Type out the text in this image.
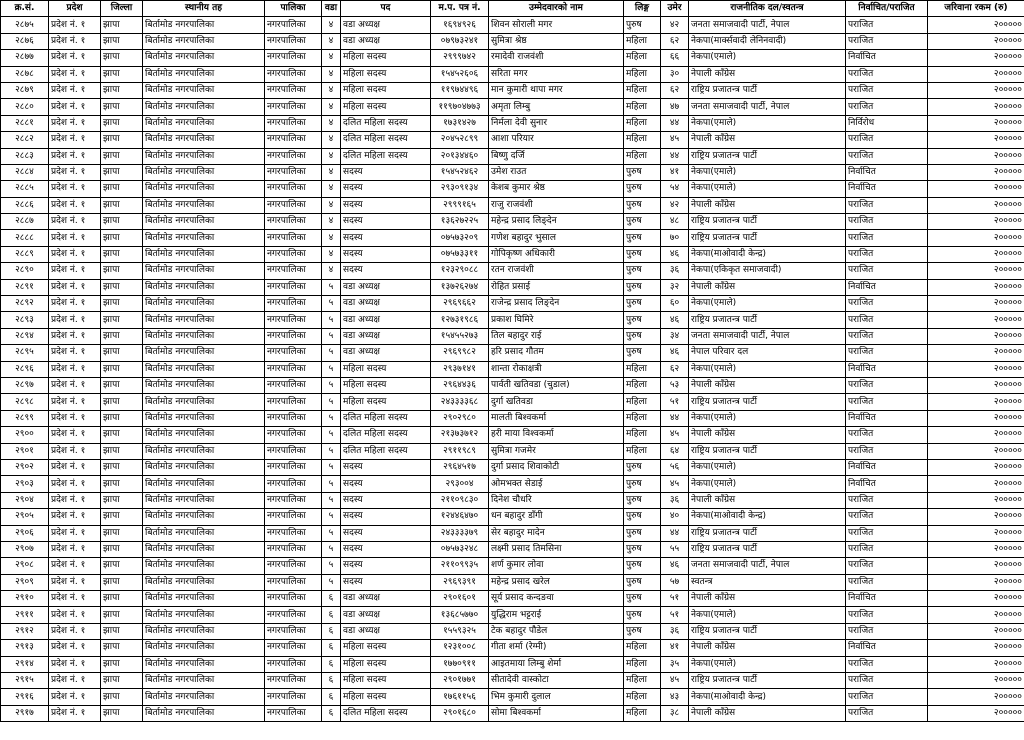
क्र.सं.	प्रदेश	जिल्ला	स्थानीय तह	पालिका	वडा	पद	म.प. पत्र नं.	उम्मेदवारको नाम	लिङ्ग	उमेर	राजनीतिक दल/स्वतन्त्र	निर्वाचित/पराजित	जरिवाना रकम (रु)
२८७५	प्रदेश नं. १	झापा	बिर्तामोड नगरपालिका	नगरपालिका	४	वडा अध्यक्ष	१६९४९२६	शिवन सोराली मगर	पुरुष	४२	जनता समाजवादी पार्टी, नेपाल	पराजित	२०००००
२८७६	प्रदेश नं. १	झापा	बिर्तामोड नगरपालिका	नगरपालिका	४	वडा अध्यक्ष	०७९७३२४१	सुमित्रा श्रेष्ठ	महिला	६२	नेकपा(मार्क्सवादी लेनिनवादी)	पराजित	२०००००
२८७७	प्रदेश नं. १	झापा	बिर्तामोड नगरपालिका	नगरपालिका	४	महिला सदस्य	२९९९७४२	रमादेवी राजवंशी	महिला	६६	नेकपा(एमाले)	निर्वाचित	२०००००
२८७८	प्रदेश नं. १	झापा	बिर्तामोड नगरपालिका	नगरपालिका	४	महिला सदस्य	१५४५२६०६	सरिता मगर	महिला	३०	नेपाली काँग्रेस	पराजित	२०००००
२८७९	प्रदेश नं. १	झापा	बिर्तामोड नगरपालिका	नगरपालिका	४	महिला सदस्य	११९७४४९६	मान कुमारी थापा मगर	महिला	६२	राष्ट्रिय प्रजातन्त्र पार्टी	पराजित	२०००००
२८८०	प्रदेश नं. १	झापा	बिर्तामोड नगरपालिका	नगरपालिका	४	महिला सदस्य	११९७०४७७३	अमृता लिम्बु	महिला	४७	जनता समाजवादी पार्टी, नेपाल	पराजित	२०००००
२८८१	प्रदेश नं. १	झापा	बिर्तामोड नगरपालिका	नगरपालिका	४	दलित महिला सदस्य	१७३१४२७	निर्मला देवी सुनार	महिला	४४	नेकपा(एमाले)	निर्विरोध	२०००००
२८८२	प्रदेश नं. १	झापा	बिर्तामोड नगरपालिका	नगरपालिका	४	दलित महिला सदस्य	२०४५२८९९	आशा परियार	महिला	४५	नेपाली काँग्रेस	पराजित	२०००००
२८८३	प्रदेश नं. १	झापा	बिर्तामोड नगरपालिका	नगरपालिका	४	दलित महिला सदस्य	२०१३४४६०	बिष्णु दर्जि	महिला	४४	राष्ट्रिय प्रजातन्त्र पार्टी	पराजित	२०००००
२८८४	प्रदेश नं. १	झापा	बिर्तामोड नगरपालिका	नगरपालिका	४	सदस्य	१५४५२४६२	उमेश राउत	पुरुष	४१	नेकपा(एमाले)	निर्वाचित	२०००००
२८८५	प्रदेश नं. १	झापा	बिर्तामोड नगरपालिका	नगरपालिका	४	सदस्य	२९३०९१३४	केशब कुमार श्रेष्ठ	पुरुष	५४	नेकपा(एमाले)	निर्वाचित	२०००००
२८८६	प्रदेश नं. १	झापा	बिर्तामोड नगरपालिका	नगरपालिका	४	सदस्य	२९९९१६५	राजु राजवंशी	पुरुष	४२	नेपाली काँग्रेस	पराजित	२०००००
२८८७	प्रदेश नं. १	झापा	बिर्तामोड नगरपालिका	नगरपालिका	४	सदस्य	१३६२७२२५	महेन्द्र प्रसाद लिङ्देन	पुरुष	४८	राष्ट्रिय प्रजातन्त्र पार्टी	पराजित	२०००००
२८८८	प्रदेश नं. १	झापा	बिर्तामोड नगरपालिका	नगरपालिका	४	सदस्य	०७५७३२०९	गणेश बहादुर भुसाल	पुरुष	७०	राष्ट्रिय प्रजातन्त्र पार्टी	पराजित	२०००००
२८८९	प्रदेश नं. १	झापा	बिर्तामोड नगरपालिका	नगरपालिका	४	सदस्य	०७५७३३११	गोपिकृष्ण अधिकारी	पुरुष	४६	नेकपा(माओवादी केन्द्र)	पराजित	२०००००
२८९०	प्रदेश नं. १	झापा	बिर्तामोड नगरपालिका	नगरपालिका	४	सदस्य	१२३२९०८८	रतन राजवंशी	पुरुष	३६	नेकपा(एकिकृत समाजवादी)	पराजित	२०००००
२८९१	प्रदेश नं. १	झापा	बिर्तामोड नगरपालिका	नगरपालिका	५	वडा अध्यक्ष	१३७२६२७४	रोहित प्रसाई	पुरुष	३२	नेपाली काँग्रेस	निर्वाचित	२०००००
२८९२	प्रदेश नं. १	झापा	बिर्तामोड नगरपालिका	नगरपालिका	५	वडा अध्यक्ष	२९६९६६२	राजेन्द्र प्रसाद लिङ्देन	पुरुष	६०	नेकपा(एमाले)	पराजित	२०००००
२८९३	प्रदेश नं. १	झापा	बिर्तामोड नगरपालिका	नगरपालिका	५	वडा अध्यक्ष	१२७३१९८६	प्रकाश घिमिरे	पुरुष	४६	राष्ट्रिय प्रजातन्त्र पार्टी	पराजित	२०००००
२८९४	प्रदेश नं. १	झापा	बिर्तामोड नगरपालिका	नगरपालिका	५	वडा अध्यक्ष	१५४५५२७३	तिल बहादुर राई	पुरुष	३४	जनता समाजवादी पार्टी, नेपाल	पराजित	२०००००
२८९५	प्रदेश नं. १	झापा	बिर्तामोड नगरपालिका	नगरपालिका	५	वडा अध्यक्ष	२९६९९८२	हरि प्रसाद गौतम	पुरुष	४६	नेपाल परिवार दल	पराजित	२०००००
२८९६	प्रदेश नं. १	झापा	बिर्तामोड नगरपालिका	नगरपालिका	५	महिला सदस्य	२९३७१४१	शान्ता रोकाक्षत्री	महिला	६२	नेकपा(एमाले)	निर्वाचित	२०००००
२८९७	प्रदेश नं. १	झापा	बिर्तामोड नगरपालिका	नगरपालिका	५	महिला सदस्य	२९६४४३६	पार्वती खतिवडा (चुडाल)	महिला	५३	नेपाली काँग्रेस	पराजित	२०००००
२८९८	प्रदेश नं. १	झापा	बिर्तामोड नगरपालिका	नगरपालिका	५	महिला सदस्य	२४३३३३६८	दुर्गा खतिवडा	महिला	५१	राष्ट्रिय प्रजातन्त्र पार्टी	पराजित	२०००००
२८९९	प्रदेश नं. १	झापा	बिर्तामोड नगरपालिका	नगरपालिका	५	दलित महिला सदस्य	२९०२९८०	मालती बिश्वकर्मा	महिला	४४	नेकपा(एमाले)	निर्वाचित	२०००००
२९००	प्रदेश नं. १	झापा	बिर्तामोड नगरपालिका	नगरपालिका	५	दलित महिला सदस्य	२१३७३७१२	हरी माया विश्वकर्मा	महिला	४५	नेपाली काँग्रेस	पराजित	२०००००
२९०१	प्रदेश नं. १	झापा	बिर्तामोड नगरपालिका	नगरपालिका	५	दलित महिला सदस्य	२९११९८९	सुमित्रा गजमेर	महिला	६४	राष्ट्रिय प्रजातन्त्र पार्टी	पराजित	२०००००
२९०२	प्रदेश नं. १	झापा	बिर्तामोड नगरपालिका	नगरपालिका	५	सदस्य	२९६४५१७	दुर्गा प्रसाद शिवाकोटी	पुरुष	५६	नेकपा(एमाले)	निर्वाचित	२०००००
२९०३	प्रदेश नं. १	झापा	बिर्तामोड नगरपालिका	नगरपालिका	५	सदस्य	२९३००४	ओमभक्त सेडाई	पुरुष	४५	नेकपा(एमाले)	निर्वाचित	२०००००
२९०४	प्रदेश नं. १	झापा	बिर्तामोड नगरपालिका	नगरपालिका	५	सदस्य	२११०९८३०	दिनेश चौधरि	पुरुष	३६	नेपाली काँग्रेस	पराजित	२०००००
२९०५	प्रदेश नं. १	झापा	बिर्तामोड नगरपालिका	नगरपालिका	५	सदस्य	१२४४६४७०	धन बहादुर डाँगी	पुरुष	४०	नेकपा(माओवादी केन्द्र)	पराजित	२०००००
२९०६	प्रदेश नं. १	झापा	बिर्तामोड नगरपालिका	नगरपालिका	५	सदस्य	२४३३३३७९	सेर बहादुर मादेन	पुरुष	४४	राष्ट्रिय प्रजातन्त्र पार्टी	पराजित	२०००००
२९०७	प्रदेश नं. १	झापा	बिर्तामोड नगरपालिका	नगरपालिका	५	सदस्य	०७५७३२४८	लक्ष्मी प्रसाद तिमसिना	पुरुष	५५	राष्ट्रिय प्रजातन्त्र पार्टी	पराजित	२०००००
२९०८	प्रदेश नं. १	झापा	बिर्तामोड नगरपालिका	नगरपालिका	५	सदस्य	२११०९९३५	शर्ण कुमार लोवा	पुरुष	४६	जनता समाजवादी पार्टी, नेपाल	पराजित	२०००००
२९०९	प्रदेश नं. १	झापा	बिर्तामोड नगरपालिका	नगरपालिका	५	सदस्य	२९६९३९१	महेन्द्र प्रसाद खरेल	पुरुष	५७	स्वतन्त्र	पराजित	२०००००
२९१०	प्रदेश नं. १	झापा	बिर्तामोड नगरपालिका	नगरपालिका	६	वडा अध्यक्ष	२९०१६०१	सूर्य प्रसाद कन्दङवा	पुरुष	५१	नेपाली काँग्रेस	निर्वाचित	२०००००
२९११	प्रदेश नं. १	झापा	बिर्तामोड नगरपालिका	नगरपालिका	६	वडा अध्यक्ष	१३६८५७७०	युद्धिराम भट्टराई	पुरुष	५१	नेकपा(एमाले)	पराजित	२०००००
२९१२	प्रदेश नं. १	झापा	बिर्तामोड नगरपालिका	नगरपालिका	६	वडा अध्यक्ष	१५५९३२५	टेक बहादुर पौडेल	पुरुष	३६	राष्ट्रिय प्रजातन्त्र पार्टी	पराजित	२०००००
२९१३	प्रदेश नं. १	झापा	बिर्तामोड नगरपालिका	नगरपालिका	६	महिला सदस्य	१२३१००८	गीता शर्मा (रेग्मी)	महिला	४१	नेपाली काँग्रेस	निर्वाचित	२०००००
२९१४	प्रदेश नं. १	झापा	बिर्तामोड नगरपालिका	नगरपालिका	६	महिला सदस्य	१७७०९११	आइतमाया लिम्बु शेर्मा	महिला	३५	नेकपा(एमाले)	पराजित	२०००००
२९१५	प्रदेश नं. १	झापा	बिर्तामोड नगरपालिका	नगरपालिका	६	महिला सदस्य	२९०१७७१	सीतादेवी वास्कोटा	महिला	४५	राष्ट्रिय प्रजातन्त्र पार्टी	पराजित	२०००००
२९१६	प्रदेश नं. १	झापा	बिर्तामोड नगरपालिका	नगरपालिका	६	महिला सदस्य	१७६११५६	भिम कुमारी दुलाल	महिला	४३	नेकपा(माओवादी केन्द्र)	पराजित	२०००००
२९१७	प्रदेश नं. १	झापा	बिर्तामोड नगरपालिका	नगरपालिका	६	दलित महिला सदस्य	२९०१६८०	सोमा बिश्वकर्मा	महिला	३८	नेपाली काँग्रेस	पराजित	२०००००
